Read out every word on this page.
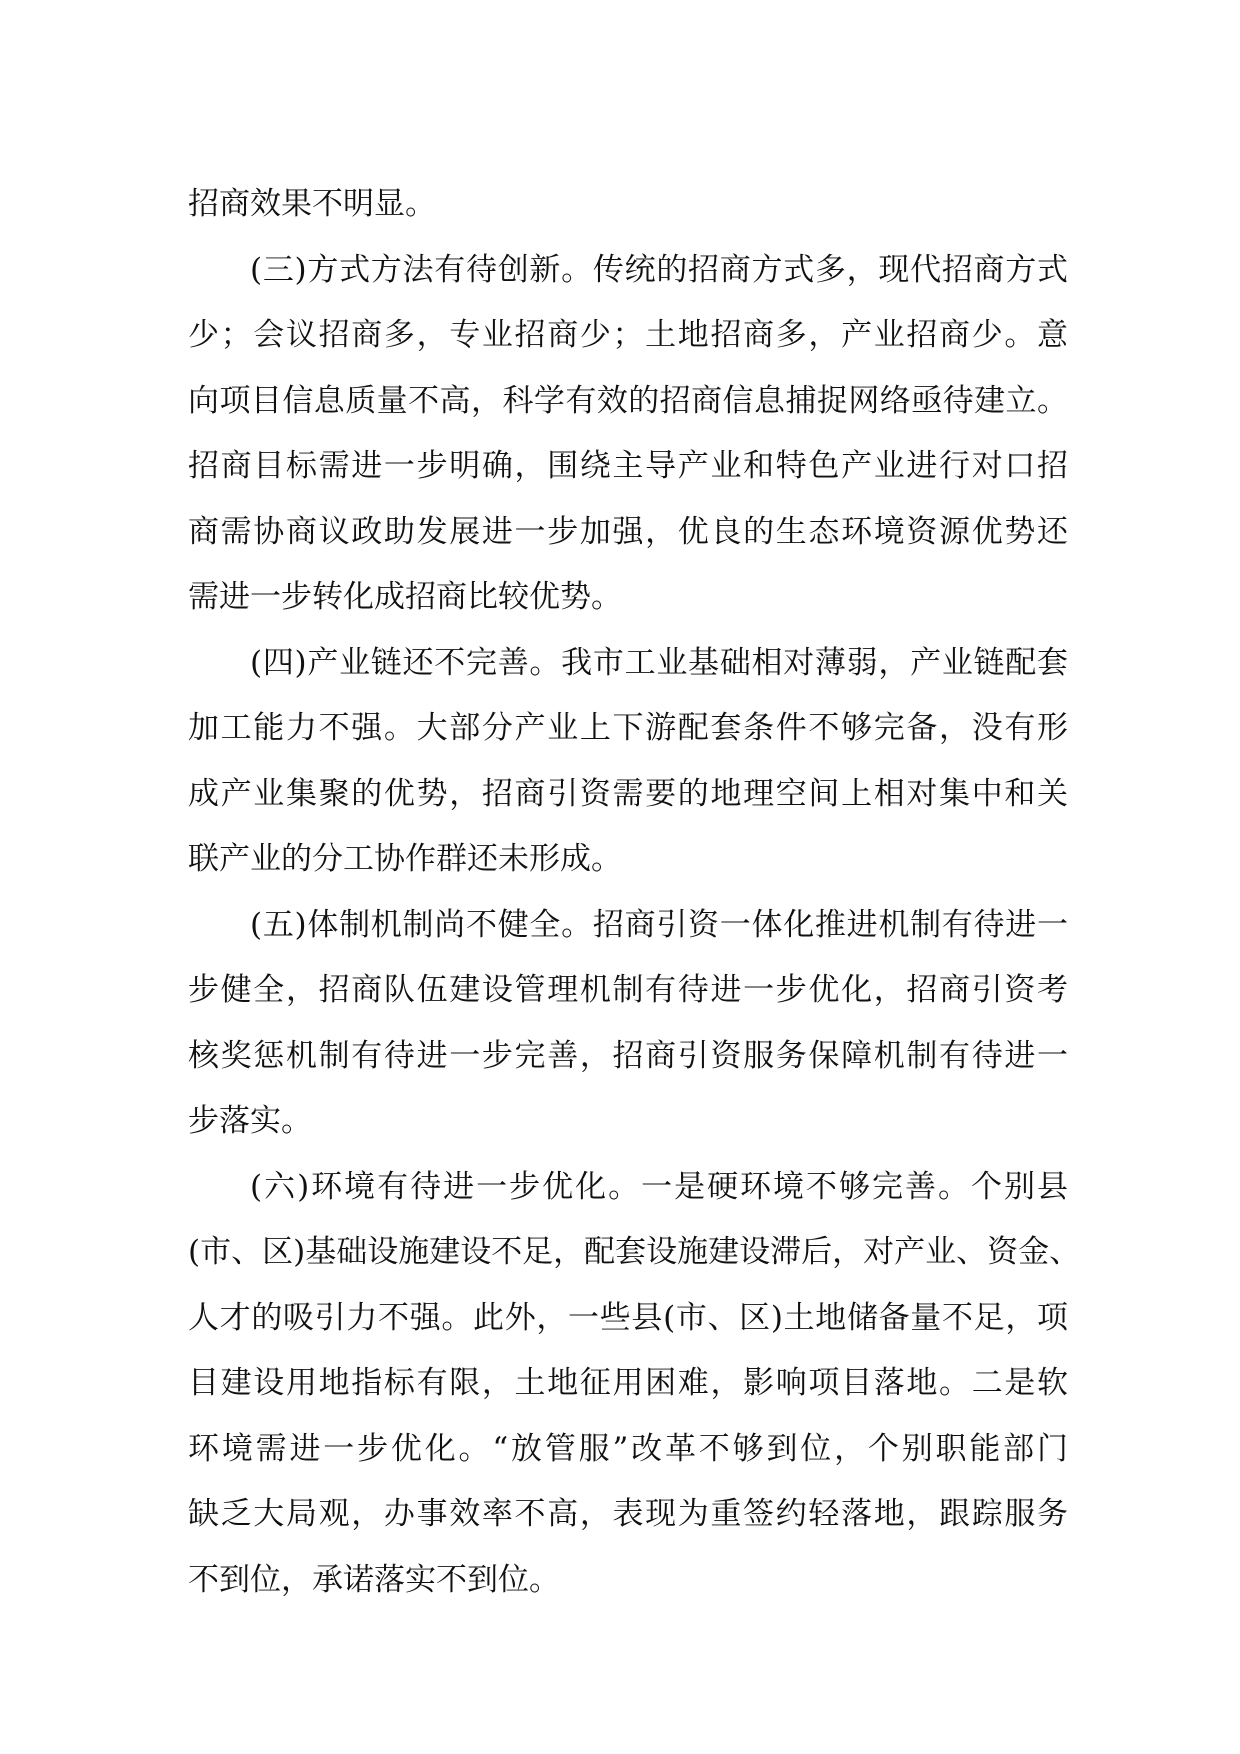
招商效果不明显。
(三)方式方法有待创新。传统的招商方式多，现代招商方式
少；会议招商多，专业招商少；土地招商多，产业招商少。意
向项目信息质量不高，科学有效的招商信息捕捉网络亟待建立。
招商目标需进一步明确，围绕主导产业和特色产业进行对口招
商需协商议政助发展进一步加强，优良的生态环境资源优势还
需进一步转化成招商比较优势。
(四)产业链还不完善。我市工业基础相对薄弱，产业链配套
加工能力不强。大部分产业上下游配套条件不够完备，没有形
成产业集聚的优势，招商引资需要的地理空间上相对集中和关
联产业的分工协作群还未形成。
(五)体制机制尚不健全。招商引资一体化推进机制有待进一
步健全，招商队伍建设管理机制有待进一步优化，招商引资考
核奖惩机制有待进一步完善，招商引资服务保障机制有待进一
步落实。
(六)环境有待进一步优化。一是硬环境不够完善。个别县
(市、区)基础设施建设不足，配套设施建设滞后，对产业、资金、
人才的吸引力不强。此外，一些县(市、区)土地储备量不足，项
目建设用地指标有限，土地征用困难，影响项目落地。二是软
环境需进一步优化。“放管服”改革不够到位，个别职能部门
缺乏大局观，办事效率不高，表现为重签约轻落地，跟踪服务
不到位，承诺落实不到位。
